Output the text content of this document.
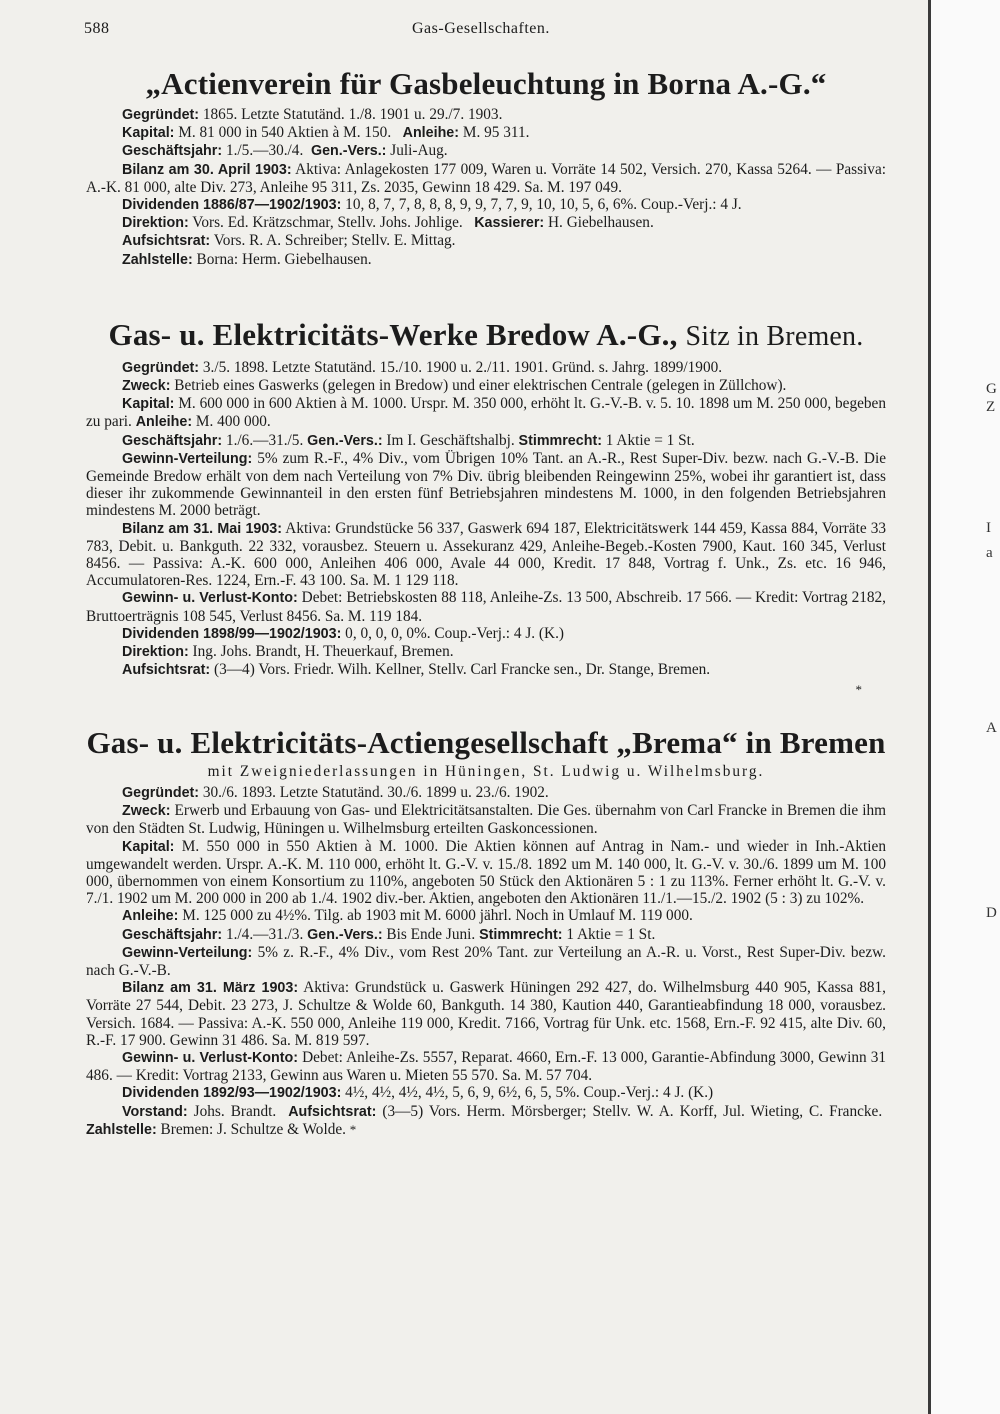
588	Gas-Gesellschaften.
„Actienverein für Gasbeleuchtung in Borna A.-G.“

Gegründet: 1865. Letzte Statutänd. 1./8. 1901 u. 29./7. 1903.

Kapital: M. 81 000 in 540 Aktien à M. 150. Anleihe: M. 95 311.

Geschäftsjahr: 1./5.—30./4. Gen.-Vers.: Juli-Aug.

Bilanz am 30. April 1903: Aktiva: Anlagekosten 177 009, Waren u. Vorräte 14 502, Versich. 270, Kassa 5264. — Passiva: A.-K. 81 000, alte Div. 273, Anleihe 95 311, Zs. 2035, Gewinn 18 429. Sa. M. 197 049.

Dividenden 1886/87—1902/1903: 10, 8, 7, 7, 8, 8, 8, 9, 9, 7, 7, 9, 10, 10, 5, 6, 6%. Coup.-Verj.: 4 J.

Direktion: Vors. Ed. Krätzschmar, Stellv. Johs. Johlige. Kassierer: H. Giebelhausen.

Aufsichtsrat: Vors. R. A. Schreiber; Stellv. E. Mittag.

Zahlstelle: Borna: Herm. Giebelhausen.

Gas- u. Elektricitäts-Werke Bredow A.-G., Sitz in Bremen.

Gegründet: 3./5. 1898. Letzte Statutänd. 15./10. 1900 u. 2./11. 1901. Gründ. s. Jahrg. 1899/1900.

Zweck: Betrieb eines Gaswerks (gelegen in Bredow) und einer elektrischen Centrale (gelegen in Züllchow).

Kapital: M. 600 000 in 600 Aktien à M. 1000. Urspr. M. 350 000, erhöht lt. G.-V.-B. v. 5. 10. 1898 um M. 250 000, begeben zu pari. Anleihe: M. 400 000.

Geschäftsjahr: 1./6.—31./5. Gen.-Vers.: Im I. Geschäftshalbj. Stimmrecht: 1 Aktie = 1 St.

Gewinn-Verteilung: 5% zum R.-F., 4% Div., vom Übrigen 10% Tant. an A.-R., Rest Super-Div. bezw. nach G.-V.-B. Die Gemeinde Bredow erhält von dem nach Verteilung von 7% Div. übrig bleibenden Reingewinn 25%, wobei ihr garantiert ist, dass dieser ihr zukommende Gewinnanteil in den ersten fünf Betriebsjahren mindestens M. 1000, in den folgenden Betriebsjahren mindestens M. 2000 beträgt.

Bilanz am 31. Mai 1903: Aktiva: Grundstücke 56 337, Gaswerk 694 187, Elektricitätswerk 144 459, Kassa 884, Vorräte 33 783, Debit. u. Bankguth. 22 332, vorausbez. Steuern u. Assekuranz 429, Anleihe-Begeb.-Kosten 7900, Kaut. 160 345, Verlust 8456. — Passiva: A.-K. 600 000, Anleihen 406 000, Avale 44 000, Kredit. 17 848, Vortrag f. Unk., Zs. etc. 16 946, Accumulatoren-Res. 1224, Ern.-F. 43 100. Sa. M. 1 129 118.

Gewinn- u. Verlust-Konto: Debet: Betriebskosten 88 118, Anleihe-Zs. 13 500, Abschreib. 17 566. — Kredit: Vortrag 2182, Bruttoerträgnis 108 545, Verlust 8456. Sa. M. 119 184.

Dividenden 1898/99—1902/1903: 0, 0, 0, 0, 0%. Coup.-Verj.: 4 J. (K.)

Direktion: Ing. Johs. Brandt, H. Theuerkauf, Bremen.

Aufsichtsrat: (3—4) Vors. Friedr. Wilh. Kellner, Stellv. Carl Francke sen., Dr. Stange, Bremen.

*
Gas- u. Elektricitäts-Actiengesellschaft „Brema“ in Bremen
mit Zweigniederlassungen in Hüningen, St. Ludwig u. Wilhelmsburg.

Gegründet: 30./6. 1893. Letzte Statutänd. 30./6. 1899 u. 23./6. 1902.

Zweck: Erwerb und Erbauung von Gas- und Elektricitätsanstalten. Die Ges. übernahm von Carl Francke in Bremen die ihm von den Städten St. Ludwig, Hüningen u. Wilhelmsburg erteilten Gaskoncessionen.

Kapital: M. 550 000 in 550 Aktien à M. 1000. Die Aktien können auf Antrag in Nam.- und wieder in Inh.-Aktien umgewandelt werden. Urspr. A.-K. M. 110 000, erhöht lt. G.-V. v. 15./8. 1892 um M. 140 000, lt. G.-V. v. 30./6. 1899 um M. 100 000, übernommen von einem Konsortium zu 110%, angeboten 50 Stück den Aktionären 5 : 1 zu 113%. Ferner erhöht lt. G.-V. v. 7./1. 1902 um M. 200 000 in 200 ab 1./4. 1902 div.-ber. Aktien, angeboten den Aktionären 11./1.—15./2. 1902 (5 : 3) zu 102%.

Anleihe: M. 125 000 zu 4½%. Tilg. ab 1903 mit M. 6000 jährl. Noch in Umlauf M. 119 000.

Geschäftsjahr: 1./4.—31./3. Gen.-Vers.: Bis Ende Juni. Stimmrecht: 1 Aktie = 1 St.

Gewinn-Verteilung: 5% z. R.-F., 4% Div., vom Rest 20% Tant. zur Verteilung an A.-R. u. Vorst., Rest Super-Div. bezw. nach G.-V.-B.

Bilanz am 31. März 1903: Aktiva: Grundstück u. Gaswerk Hüningen 292 427, do. Wilhelmsburg 440 905, Kassa 881, Vorräte 27 544, Debit. 23 273, J. Schultze & Wolde 60, Bankguth. 14 380, Kaution 440, Garantieabfindung 18 000, vorausbez. Versich. 1684. — Passiva: A.-K. 550 000, Anleihe 119 000, Kredit. 7166, Vortrag für Unk. etc. 1568, Ern.-F. 92 415, alte Div. 60, R.-F. 17 900. Gewinn 31 486. Sa. M. 819 597.

Gewinn- u. Verlust-Konto: Debet: Anleihe-Zs. 5557, Reparat. 4660, Ern.-F. 13 000, Garantie-Abfindung 3000, Gewinn 31 486. — Kredit: Vortrag 2133, Gewinn aus Waren u. Mieten 55 570. Sa. M. 57 704.

Dividenden 1892/93—1902/1903: 4½, 4½, 4½, 4½, 5, 6, 9, 6½, 6, 5, 5%. Coup.-Verj.: 4 J. (K.)

Vorstand: Johs. Brandt. Aufsichtsrat: (3—5) Vors. Herm. Mörsberger; Stellv. W. A. Korff, Jul. Wieting, C. Francke.  Zahlstelle: Bremen: J. Schultze & Wolde. *

G
Z
I
a
A
D
